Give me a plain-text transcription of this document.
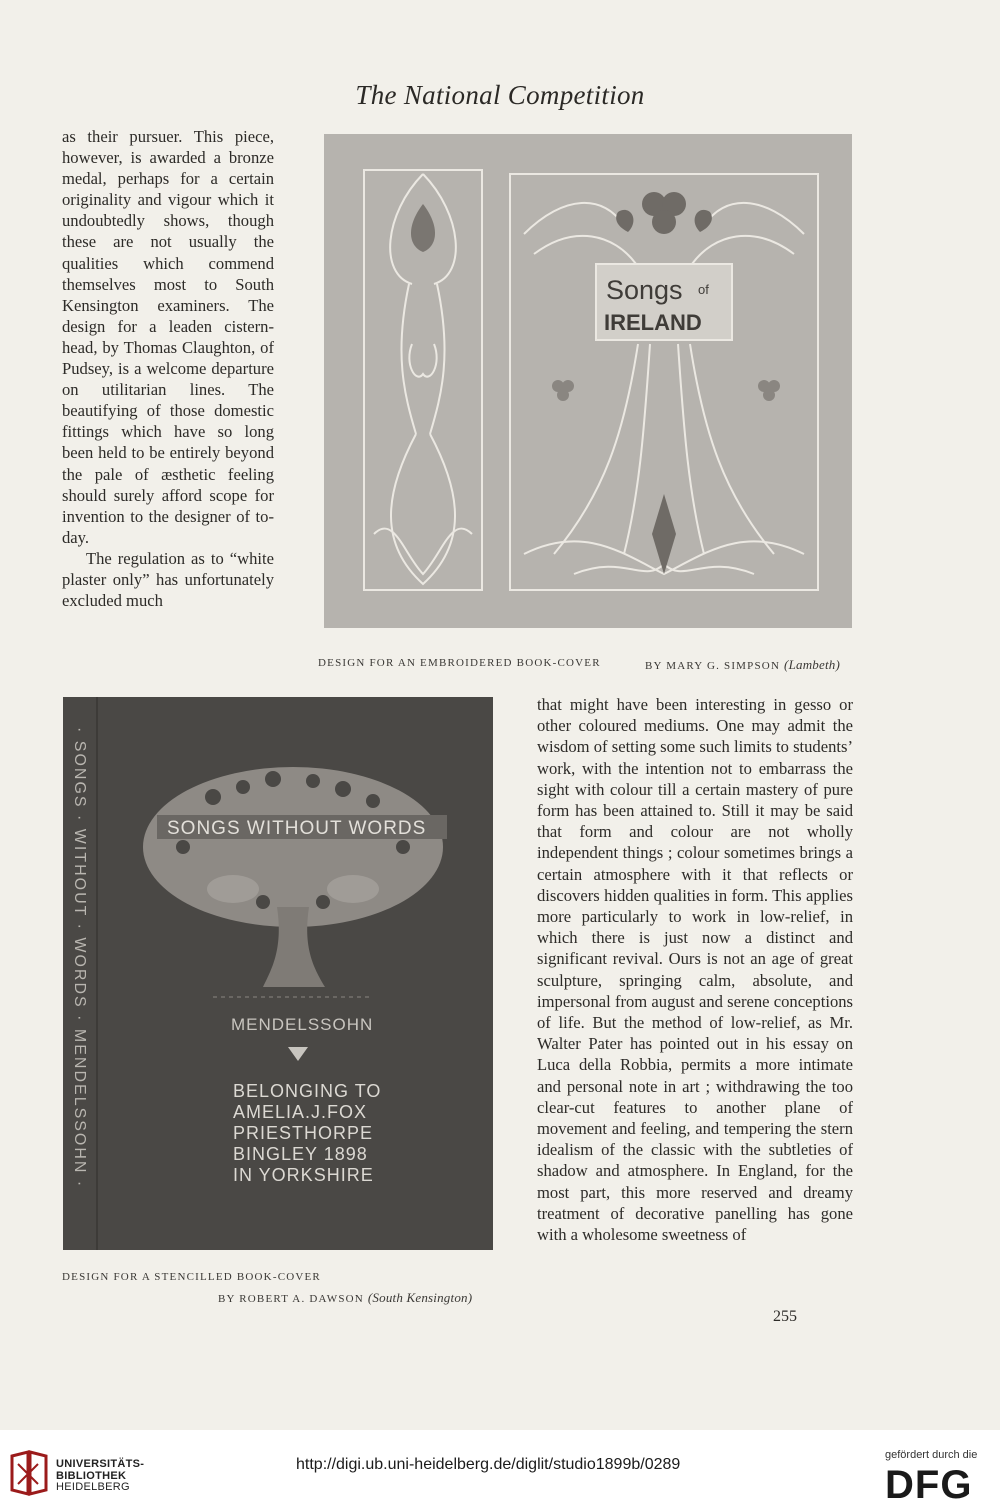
The National Competition

as their pursuer. This piece, however, is awarded a bronze medal, perhaps for a certain originality and vigour which it undoubtedly shows, though these are not usually the qualities which commend themselves most to South Kensington examiners. The design for a leaden cistern-head, by Thomas Claughton, of Pudsey, is a welcome departure on utilitarian lines. The beautifying of those domestic fittings which have so long been held to be entirely beyond the pale of æsthetic feeling should surely afford scope for invention to the designer of to-day.

The regulation as to “white plaster only” has unfortunately excluded much

Songs of
IRELAND
DESIGN FOR AN EMBROIDERED BOOK-COVER	BY MARY G. SIMPSON (Lambeth)
· SONGS · WITHOUT · WORDS · MENDELSSOHN ·	SONGS WITHOUT WORDS
MENDELSSOHN
BELONGING TO
AMELIA.J.FOX
PRIESTHORPE
BINGLEY 1898
IN YORKSHIRE
DESIGN FOR A STENCILLED BOOK-COVER
BY ROBERT A. DAWSON (South Kensington)

that might have been interesting in gesso or other coloured mediums. One may admit the wisdom of setting some such limits to students’ work, with the intention not to embarrass the sight with colour till a certain mastery of pure form has been attained to. Still it may be said that form and colour are not wholly independent things ; colour sometimes brings a certain atmosphere with it that reflects or discovers hidden qualities in form. This applies more particularly to work in low-relief, in which there is just now a distinct and significant revival. Ours is not an age of great sculpture, springing calm, absolute, and impersonal from august and serene conceptions of life. But the method of low-relief, as Mr. Walter Pater has pointed out in his essay on Luca della Robbia, permits a more intimate and personal note in art ; withdrawing the too clear-cut features to another plane of movement and feeling, and tempering the stern idealism of the classic with the subtleties of shadow and atmosphere. In England, for the most part, this more reserved and dreamy treatment of decorative panelling has gone with a wholesome sweetness of

255
UNIVERSITÄTS-
BIBLIOTHEK
HEIDELBERG
http://digi.ub.uni-heidelberg.de/diglit/studio1899b/0289
gefördert durch die
DFG
